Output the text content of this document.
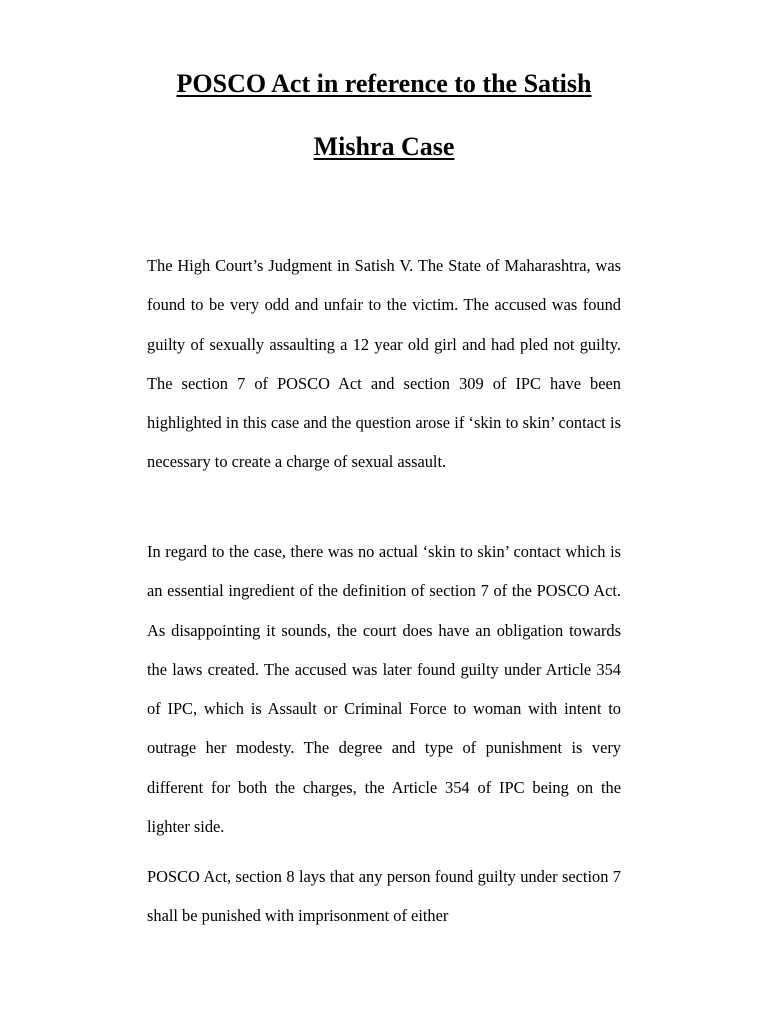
POSCO Act in reference to the Satish
Mishra Case

The High Court’s Judgment in Satish V. The State of Maharashtra, was found to be very odd and unfair to the victim. The accused was found guilty of sexually assaulting a 12 year old girl and had pled not guilty. The section 7 of POSCO Act and section 309 of IPC have been highlighted in this case and the question arose if ‘skin to skin’ contact is necessary to create a charge of sexual assault.

In regard to the case, there was no actual ‘skin to skin’ contact which is an essential ingredient of the definition of section 7 of the POSCO Act. As disappointing it sounds, the court does have an obligation towards the laws created. The accused was later found guilty under Article 354 of IPC, which is Assault or Criminal Force to woman with intent to outrage her modesty. The degree and type of punishment is very different for both the charges, the Article 354 of IPC being on the lighter side.

POSCO Act, section 8 lays that any person found guilty under section 7 shall be punished with imprisonment of either
